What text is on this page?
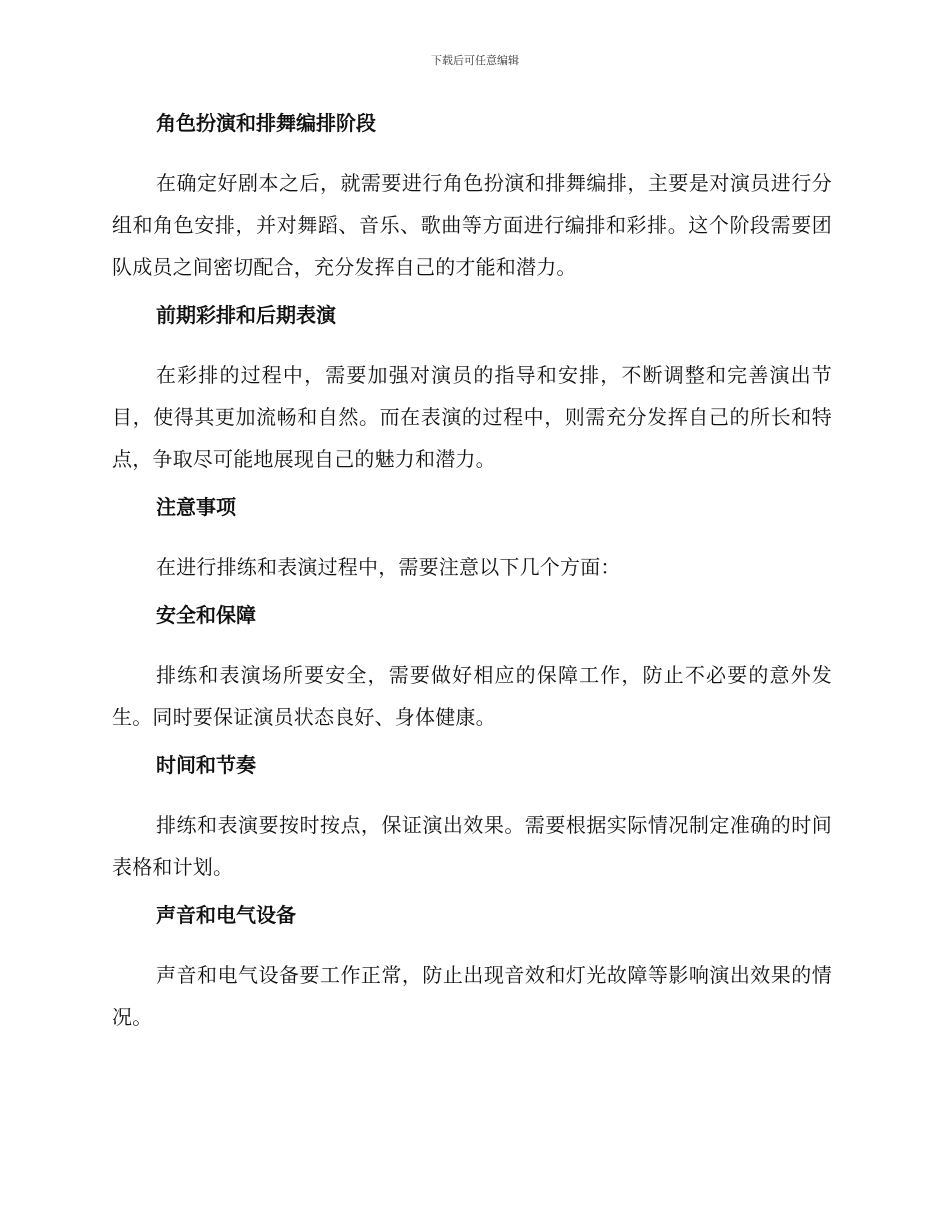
下载后可任意编辑
角色扮演和排舞编排阶段

在确定好剧本之后，就需要进行角色扮演和排舞编排，主要是对演员进行分组和角色安排，并对舞蹈、音乐、歌曲等方面进行编排和彩排。这个阶段需要团队成员之间密切配合，充分发挥自己的才能和潜力。

前期彩排和后期表演

在彩排的过程中，需要加强对演员的指导和安排，不断调整和完善演出节目，使得其更加流畅和自然。而在表演的过程中，则需充分发挥自己的所长和特点，争取尽可能地展现自己的魅力和潜力。

注意事项

在进行排练和表演过程中，需要注意以下几个方面：

安全和保障

排练和表演场所要安全，需要做好相应的保障工作，防止不必要的意外发生。同时要保证演员状态良好、身体健康。

时间和节奏

排练和表演要按时按点，保证演出效果。需要根据实际情况制定准确的时间表格和计划。

声音和电气设备

声音和电气设备要工作正常，防止出现音效和灯光故障等影响演出效果的情况。
